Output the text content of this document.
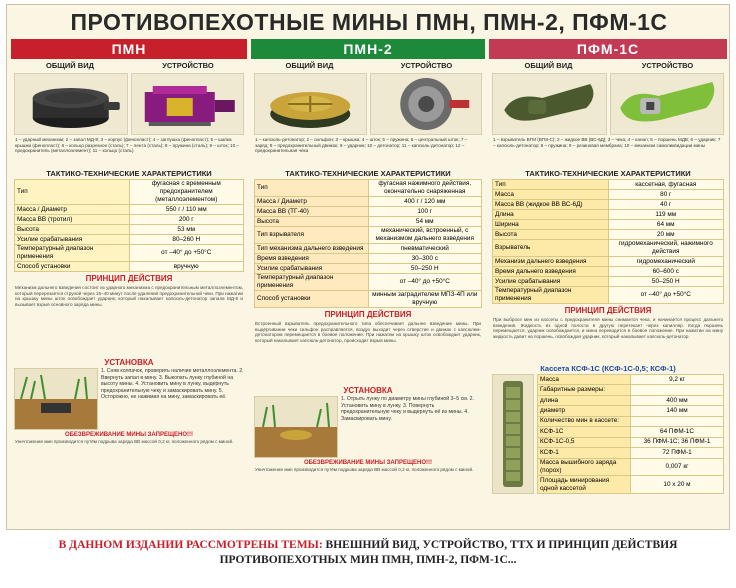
ПРОТИВОПЕХОТНЫЕ МИНЫ ПМН, ПМН-2, ПФМ-1С
ПМН
ОБЩИЙ ВИД	УСТРОЙСТВО
1 – ударный механизм; 2 – запал МД-9; 3 – корпус (фенопласт); 4 – заглушка (фенопласт); 5 – шапка крышки (фенопласт); 6 – кольцо разрезное (сталь); 7 – лента (сталь); 8 – пружина (сталь); 9 – шток; 10 – предохранитель (металлоэлемент); 11 – кольцо (сталь)
ТАКТИКО-ТЕХНИЧЕСКИЕ ХАРАКТЕРИСТИКИ
Тип	фугасная с временным предохранителем (металлоэлементом)
Масса / Диаметр	550 г / 110 мм
Масса ВВ (тротил)	200 г
Высота	53 мм
Усилие срабатывания	80–260 Н
Температурный диапазон применения	от –40° до +50°С
Способ установки	вручную
ПРИНЦИП ДЕЙСТВИЯ
Механизм дальнего взведения состоит из ударного механизма с предохранительным металлоэлементом, который перерезается струной через 15–40 минут после удаления предохранительной чеки. При нажатии на крышку мины шток освобождает ударник, который накалывает капсюль-детонатор запала МД-9 и вызывает взрыв основного заряда мины.
УСТАНОВКА
1. Сняв колпачок, проверить наличие металлоэлемента. 2. Ввернуть запал в мину. 3. Выкопать лунку глубиной на высоту мины. 4. Установить мину в лунку, выдернуть предохранительную чеку и замаскировать мину. 5. Осторожно, не нажимая на мину, замаскировать её.
ОБЕЗВРЕЖИВАНИЕ МИНЫ ЗАПРЕЩЕНО!!!
Уничтожение мин производится путём подрыва заряда ВВ массой 0,2 кг, положенного рядом с миной.
ПМН-2
ОБЩИЙ ВИД	УСТРОЙСТВО
1 – капсюль-детонатор; 2 – сильфон; 3 – крышка; 4 – шток; 5 – пружина; 6 – центральный шток; 7 – заряд; 8 – предохранительный движок; 9 – ударник; 10 – детонатор; 11 – капсюль-детонатор; 12 – предохранительная чека
ТАКТИКО-ТЕХНИЧЕСКИЕ ХАРАКТЕРИСТИКИ
Тип	фугасная нажимного действия, окончательно снаряженная
Масса / Диаметр	400 г / 120 мм
Масса ВВ (ТГ-40)	100 г
Высота	54 мм
Тип взрывателя	механический, встроенный, с механизмом дальнего взведения
Тип механизма дальнего взведения	пневматический
Время взведения	30–300 с
Усилие срабатывания	50–250 Н
Температурный диапазон применения	от –40° до +50°С
Способ установки	минным заградителем МПЗ-4П или вручную
ПРИНЦИП ДЕЙСТВИЯ
Встроенный взрыватель предохранительного типа обеспечивает дальнее взведение мины. При выдёргивании чеки сильфон расправляется, воздух выходит через отверстие и движок с капсюлем-детонатором перемещается в боевое положение. При нажатии на крышку шток освобождает ударник, который накалывает капсюль-детонатор, происходит взрыв мины.
УСТАНОВКА
1. Отрыть лунку по диаметру мины глубиной 3–5 см. 2. Установить мину в лунку. 3. Повернуть предохранительную чеку и выдернуть её из мины. 4. Замаскировать мину.
ОБЕЗВРЕЖИВАНИЕ МИНЫ ЗАПРЕЩЕНО!!!
Уничтожение мин производится путём подрыва заряда ВВ массой 0,2 кг, положенного рядом с миной.
ПФМ-1С
ОБЩИЙ ВИД	УСТРОЙСТВО
1 – взрыватель ВГМ (ВГМ-С); 2 – жидкое ВВ (ВС-6Д); 3 – чека; 4 – канал; 5 – поршень МДВ; 6 – ударник; 7 – капсюль-детонатор; 8 – пружина; 9 – резиновая мембрана; 10 – механизм самоликвидации мины
ТАКТИКО-ТЕХНИЧЕСКИЕ ХАРАКТЕРИСТИКИ
Тип	кассетная, фугасная
Масса	80 г
Масса ВВ (жидкое ВВ ВС-6Д)	40 г
Длина	119 мм
Ширина	64 мм
Высота	20 мм
Взрыватель	гидромеханический, нажимного действия
Механизм дальнего взведения	гидромеханический
Время дальнего взведения	60–600 с
Усилие срабатывания	50–250 Н
Температурный диапазон применения	от –40° до +50°С
ПРИНЦИП ДЕЙСТВИЯ
При выбросе мин из кассеты с предохранителя мины снимается чека, и начинается процесс дальнего взведения. Жидкость из одной полости в другую перетекает через капилляр. Когда поршень перемещается, ударник освобождается, и мина переводится в боевое положение. При нажатии на мину жидкость давит на поршень, освобождая ударник, который накалывает капсюль-детонатор.
Кассета КСФ-1С (КСФ-1С-0,5; КСФ-1)
Масса	9,2 кг
Габаритные размеры:	
длина	400 мм
диаметр	140 мм
Количество мин в кассете:	
КСФ-1С	64 ПФМ-1С
КСФ-1С-0,5	36 ПФМ-1С; 36 ПФМ-1
КСФ-1	72 ПФМ-1
Масса вышибного заряда (порох)	0,007 кг
Площадь минирования одной кассетой	10 х 20 м
В ДАННОМ ИЗДАНИИ РАССМОТРЕНЫ ТЕМЫ: ВНЕШНИЙ ВИД, УСТРОЙСТВО, ТТХ И ПРИНЦИП ДЕЙСТВИЯ
ПРОТИВОПЕХОТНЫХ МИН ПМН, ПМН-2, ПФМ-1С...
